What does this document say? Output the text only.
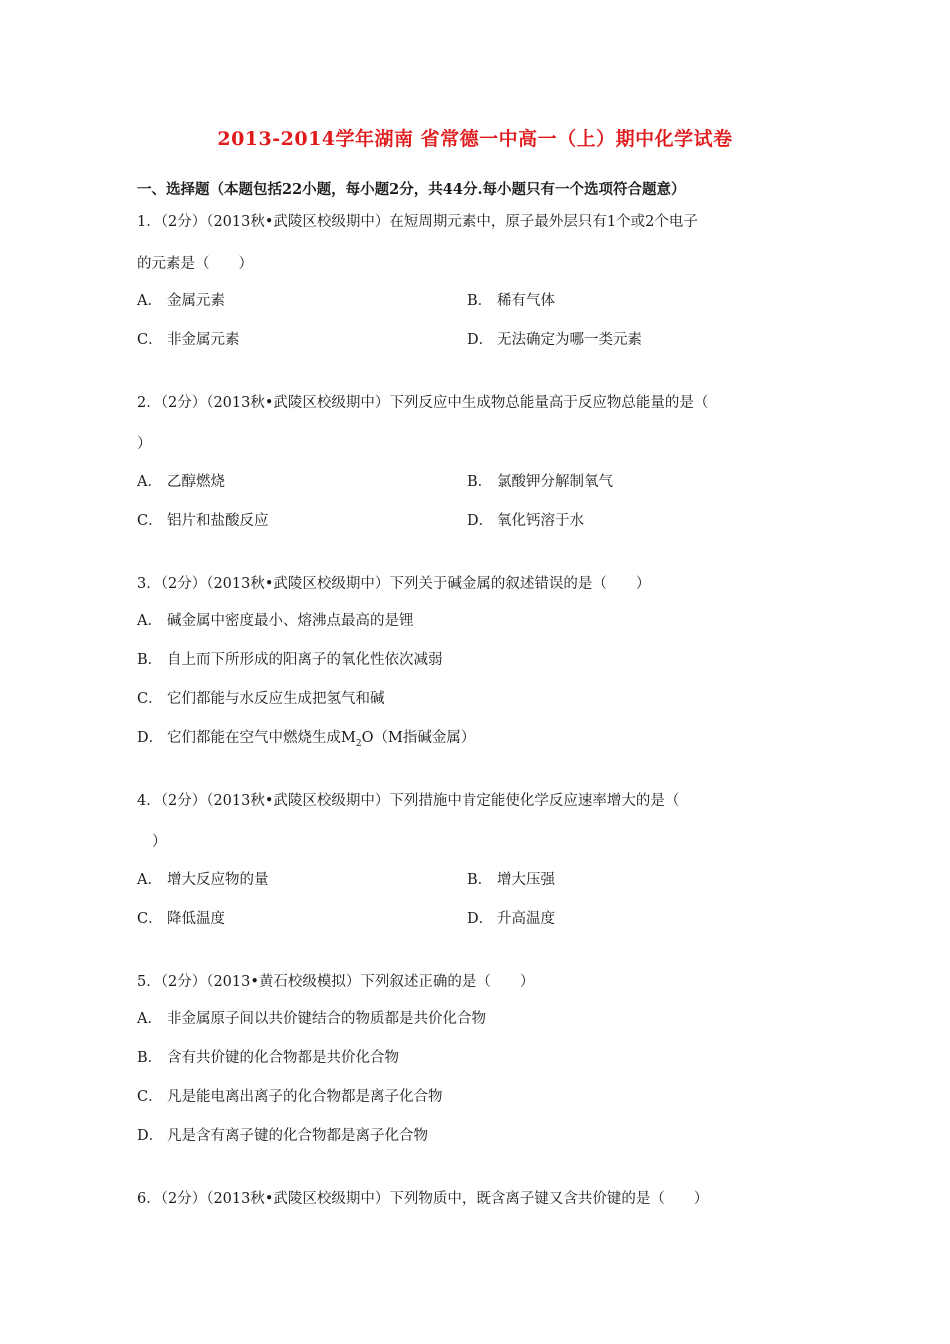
2013-2014学年湖南 省常德一中高一（上）期中化学试卷
一、选择题（本题包括22小题，每小题2分，共44分.每小题只有一个选项符合题意）
1．（2分）（2013秋•武陵区校级期中）在短周期元素中，原子最外层只有1个或2个电子
的元素是（　　）
A． 金属元素	B． 稀有气体
C． 非金属元素	D． 无法确定为哪一类元素
2．（2分）（2013秋•武陵区校级期中）下列反应中生成物总能量高于反应物总能量的是（
）
A． 乙醇燃烧	B． 氯酸钾分解制氧气
C． 铝片和盐酸反应	D． 氧化钙溶于水
3．（2分）（2013秋•武陵区校级期中）下列关于碱金属的叙述错误的是（　　）
A． 碱金属中密度最小、熔沸点最高的是锂
B． 自上而下所形成的阳离子的氧化性依次减弱
C． 它们都能与水反应生成把氢气和碱
D． 它们都能在空气中燃烧生成$M_2O(M$指碱金属）
4．（2分）（2013秋•武陵区校级期中）下列措施中肯定能使化学反应速率增大的是（
）
A． 增大反应物的量	B． 增大压强
C． 降低温度	D． 升高温度
5．（2分）（2013•黄石校级模拟）下列叙述正确的是（　　）
A． 非金属原子间以共价键结合的物质都是共价化合物
B． 含有共价键的化合物都是共价化合物
C． 凡是能电离出离子的化合物都是离子化合物
D． 凡是含有离子键的化合物都是离子化合物
6．（2分）（2013秋•武陵区校级期中）下列物质中，既含离子键又含共价键的是（　　）
